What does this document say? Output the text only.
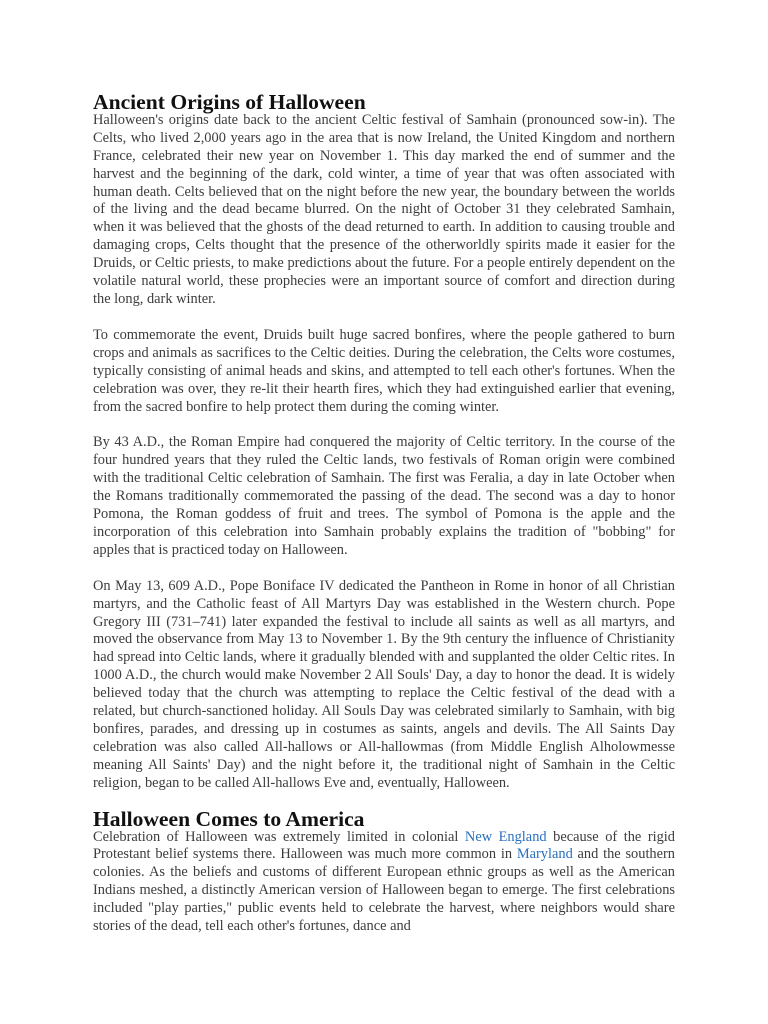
Ancient Origins of Halloween

Halloween's origins date back to the ancient Celtic festival of Samhain (pronounced sow-in). The Celts, who lived 2,000 years ago in the area that is now Ireland, the United Kingdom and northern France, celebrated their new year on November 1. This day marked the end of summer and the harvest and the beginning of the dark, cold winter, a time of year that was often associated with human death. Celts believed that on the night before the new year, the boundary between the worlds of the living and the dead became blurred. On the night of October 31 they celebrated Samhain, when it was believed that the ghosts of the dead returned to earth. In addition to causing trouble and damaging crops, Celts thought that the presence of the otherworldly spirits made it easier for the Druids, or Celtic priests, to make predictions about the future. For a people entirely dependent on the volatile natural world, these prophecies were an important source of comfort and direction during the long, dark winter.

To commemorate the event, Druids built huge sacred bonfires, where the people gathered to burn crops and animals as sacrifices to the Celtic deities. During the celebration, the Celts wore costumes, typically consisting of animal heads and skins, and attempted to tell each other's fortunes. When the celebration was over, they re-lit their hearth fires, which they had extinguished earlier that evening, from the sacred bonfire to help protect them during the coming winter.

By 43 A.D., the Roman Empire had conquered the majority of Celtic territory. In the course of the four hundred years that they ruled the Celtic lands, two festivals of Roman origin were combined with the traditional Celtic celebration of Samhain. The first was Feralia, a day in late October when the Romans traditionally commemorated the passing of the dead. The second was a day to honor Pomona, the Roman goddess of fruit and trees. The symbol of Pomona is the apple and the incorporation of this celebration into Samhain probably explains the tradition of "bobbing" for apples that is practiced today on Halloween.

On May 13, 609 A.D., Pope Boniface IV dedicated the Pantheon in Rome in honor of all Christian martyrs, and the Catholic feast of All Martyrs Day was established in the Western church. Pope Gregory III (731–741) later expanded the festival to include all saints as well as all martyrs, and moved the observance from May 13 to November 1. By the 9th century the influence of Christianity had spread into Celtic lands, where it gradually blended with and supplanted the older Celtic rites. In 1000 A.D., the church would make November 2 All Souls' Day, a day to honor the dead. It is widely believed today that the church was attempting to replace the Celtic festival of the dead with a related, but church-sanctioned holiday. All Souls Day was celebrated similarly to Samhain, with big bonfires, parades, and dressing up in costumes as saints, angels and devils. The All Saints Day celebration was also called All-hallows or All-hallowmas (from Middle English Alholowmesse meaning All Saints' Day) and the night before it, the traditional night of Samhain in the Celtic religion, began to be called All-hallows Eve and, eventually, Halloween.

Halloween Comes to America

Celebration of Halloween was extremely limited in colonial New England because of the rigid Protestant belief systems there. Halloween was much more common in Maryland and the southern colonies. As the beliefs and customs of different European ethnic groups as well as the American Indians meshed, a distinctly American version of Halloween began to emerge. The first celebrations included "play parties," public events held to celebrate the harvest, where neighbors would share stories of the dead, tell each other's fortunes, dance and
